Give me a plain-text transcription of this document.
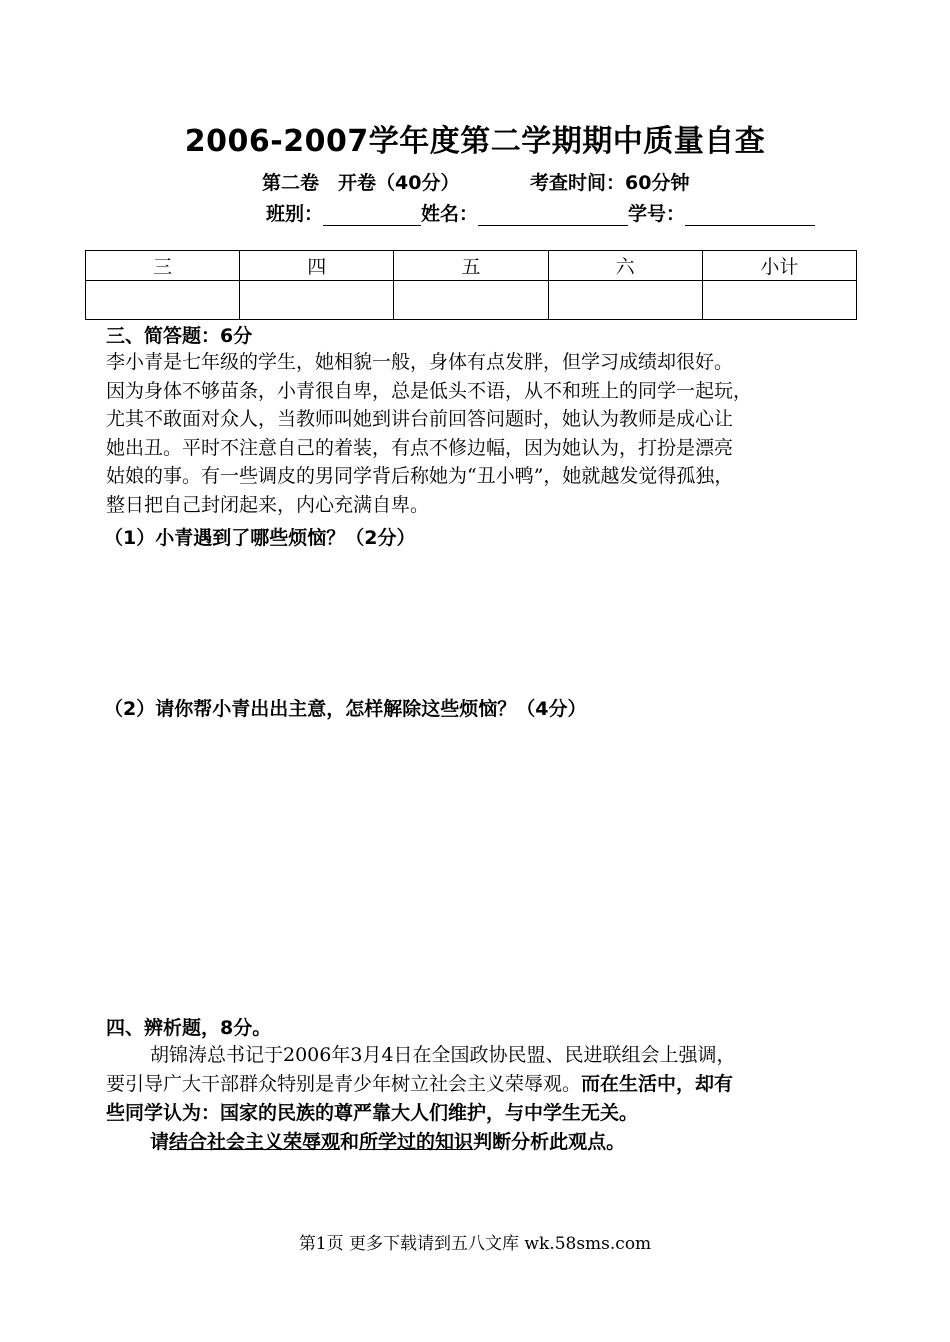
2006-2007学年度第二学期期中质量自查
第二卷　开卷（40分）	考查时间：60分钟
班别：	姓名：	学号：
三	四	五	六	小计

三、简答题：6分
李小青是七年级的学生，她相貌一般，身体有点发胖，但学习成绩却很好。
因为身体不够苗条，小青很自卑，总是低头不语，从不和班上的同学一起玩，
尤其不敢面对众人，当教师叫她到讲台前回答问题时，她认为教师是成心让
她出丑。平时不注意自己的着装，有点不修边幅，因为她认为，打扮是漂亮
姑娘的事。有一些调皮的男同学背后称她为“丑小鸭”，她就越发觉得孤独，
整日把自己封闭起来，内心充满自卑。
（1）小青遇到了哪些烦恼？（2分）
（2）请你帮小青出出主意，怎样解除这些烦恼？（4分）
四、辨析题，8分。
胡锦涛总书记于2006年3月4日在全国政协民盟、民进联组会上强调，
要引导广大干部群众特别是青少年树立社会主义荣辱观。而在生活中，却有
些同学认为：国家的民族的尊严靠大人们维护，与中学生无关。
请结合社会主义荣辱观和所学过的知识判断分析此观点。
第1页 更多下载请到五八文库 wk.58sms.com
